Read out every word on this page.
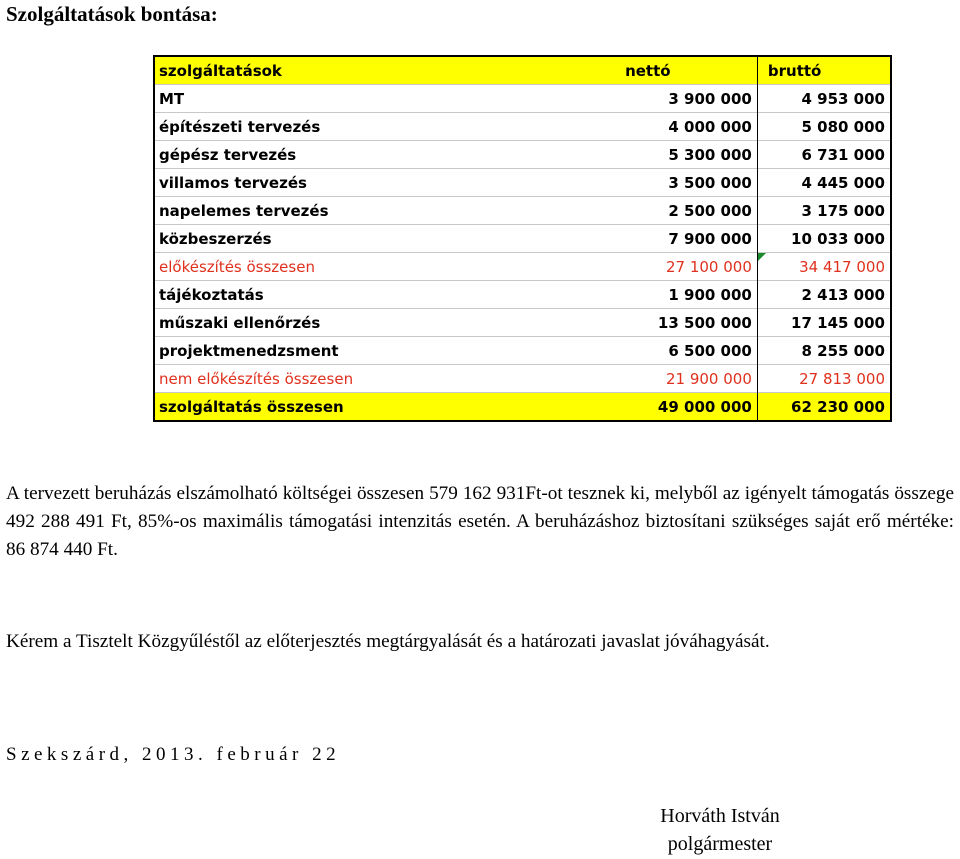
Szolgáltatások bontása:
szolgáltatások	nettó	bruttó
MT	3 900 000	4 953 000
építészeti tervezés	4 000 000	5 080 000
gépész tervezés	5 300 000	6 731 000
villamos tervezés	3 500 000	4 445 000
napelemes tervezés	2 500 000	3 175 000
közbeszerzés	7 900 000	10 033 000
előkészítés összesen	27 100 000	34 417 000
tájékoztatás	1 900 000	2 413 000
műszaki ellenőrzés	13 500 000	17 145 000
projektmenedzsment	6 500 000	8 255 000
nem előkészítés összesen	21 900 000	27 813 000
szolgáltatás összesen	49 000 000	62 230 000

A tervezett beruházás elszámolható költségei összesen 579 162 931Ft-ot tesznek ki, melyből az igényelt támogatás összege 492 288 491 Ft, 85%-os maximális támogatási intenzitás esetén. A beruházáshoz biztosítani szükséges saját erő mértéke: 86 874 440 Ft.

Kérem a Tisztelt Közgyűléstől az előterjesztés megtárgyalását és a határozati javaslat jóváhagyását.

Szekszárd, 2013. február 22

Horváth István
polgármester
